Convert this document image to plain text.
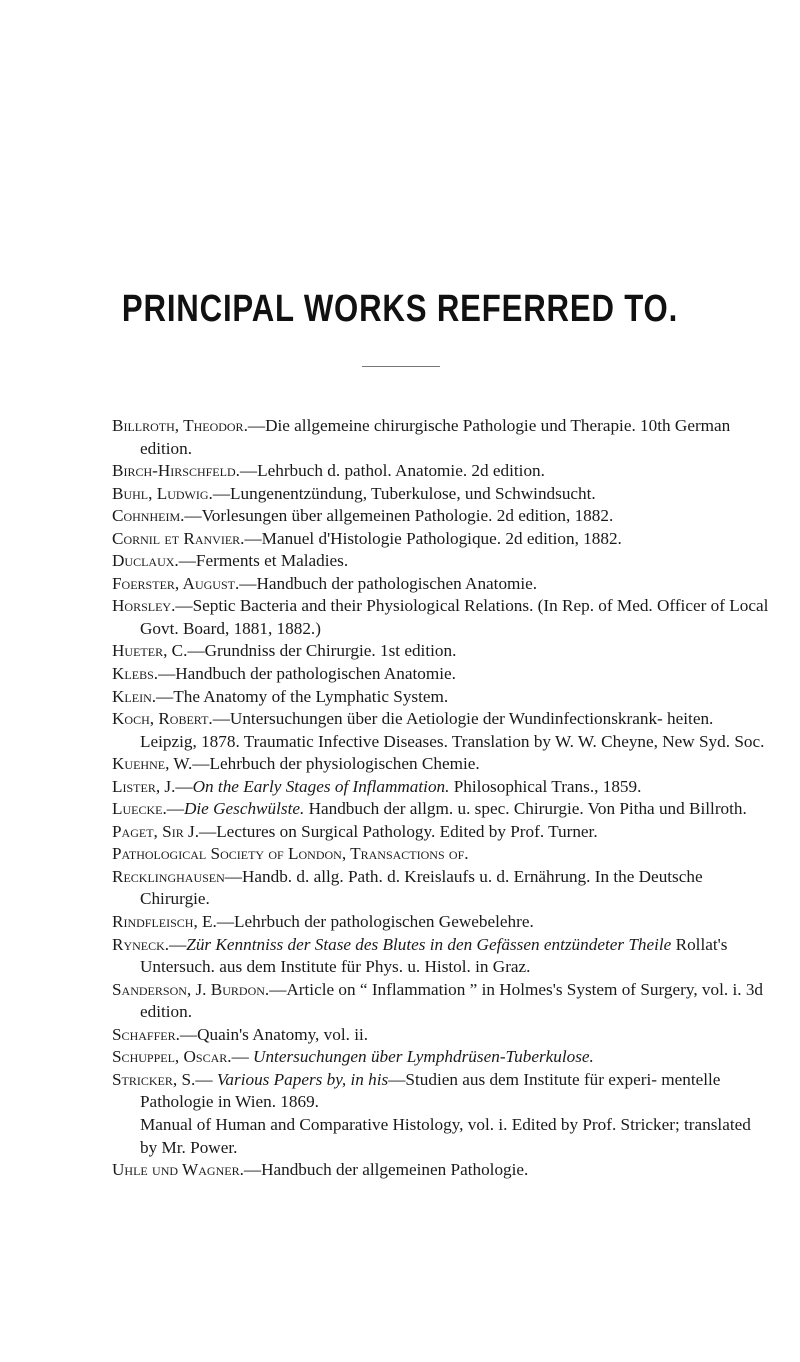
PRINCIPAL WORKS REFERRED TO.
Billroth, Theodor.—Die allgemeine chirurgische Pathologie und Therapie. 10th German edition.
Birch-Hirschfeld.—Lehrbuch d. pathol. Anatomie. 2d edition.
Buhl, Ludwig.—Lungenentzündung, Tuberkulose, und Schwindsucht.
Cohnheim.—Vorlesungen über allgemeinen Pathologie. 2d edition, 1882.
Cornil et Ranvier.—Manuel d'Histologie Pathologique. 2d edition, 1882.
Duclaux.—Ferments et Maladies.
Foerster, August.—Handbuch der pathologischen Anatomie.
Horsley.—Septic Bacteria and their Physiological Relations. (In Rep. of Med. Officer of Local Govt. Board, 1881, 1882.)
Hueter, C.—Grundniss der Chirurgie. 1st edition.
Klebs.—Handbuch der pathologischen Anatomie.
Klein.—The Anatomy of the Lymphatic System.
Koch, Robert.—Untersuchungen über die Aetiologie der Wundinfectionskrank- heiten. Leipzig, 1878. Traumatic Infective Diseases. Translation by W. W. Cheyne, New Syd. Soc.
Kuehne, W.—Lehrbuch der physiologischen Chemie.
Lister, J.—On the Early Stages of Inflammation. Philosophical Trans., 1859.
Luecke.—Die Geschwülste. Handbuch der allgm. u. spec. Chirurgie. Von Pitha und Billroth.
Paget, Sir J.—Lectures on Surgical Pathology. Edited by Prof. Turner.
Pathological Society of London, Transactions of.
Recklinghausen—Handb. d. allg. Path. d. Kreislaufs u. d. Ernährung. In the Deutsche Chirurgie.
Rindfleisch, E.—Lehrbuch der pathologischen Gewebelehre.
Ryneck.—Zür Kenntniss der Stase des Blutes in den Gefässen entzündeter Theile Rollat's Untersuch. aus dem Institute für Phys. u. Histol. in Graz.
Sanderson, J. Burdon.—Article on “ Inflammation ” in Holmes's System of Surgery, vol. i. 3d edition.
Schaffer.—Quain's Anatomy, vol. ii.
Schuppel, Oscar.— Untersuchungen über Lymphdrüsen-Tuberkulose.
Stricker, S.— Various Papers by, in his—Studien aus dem Institute für experi- mentelle Pathologie in Wien. 1869.
Manual of Human and Comparative Histology, vol. i. Edited by Prof. Stricker; translated by Mr. Power.
Uhle und Wagner.—Handbuch der allgemeinen Pathologie.
